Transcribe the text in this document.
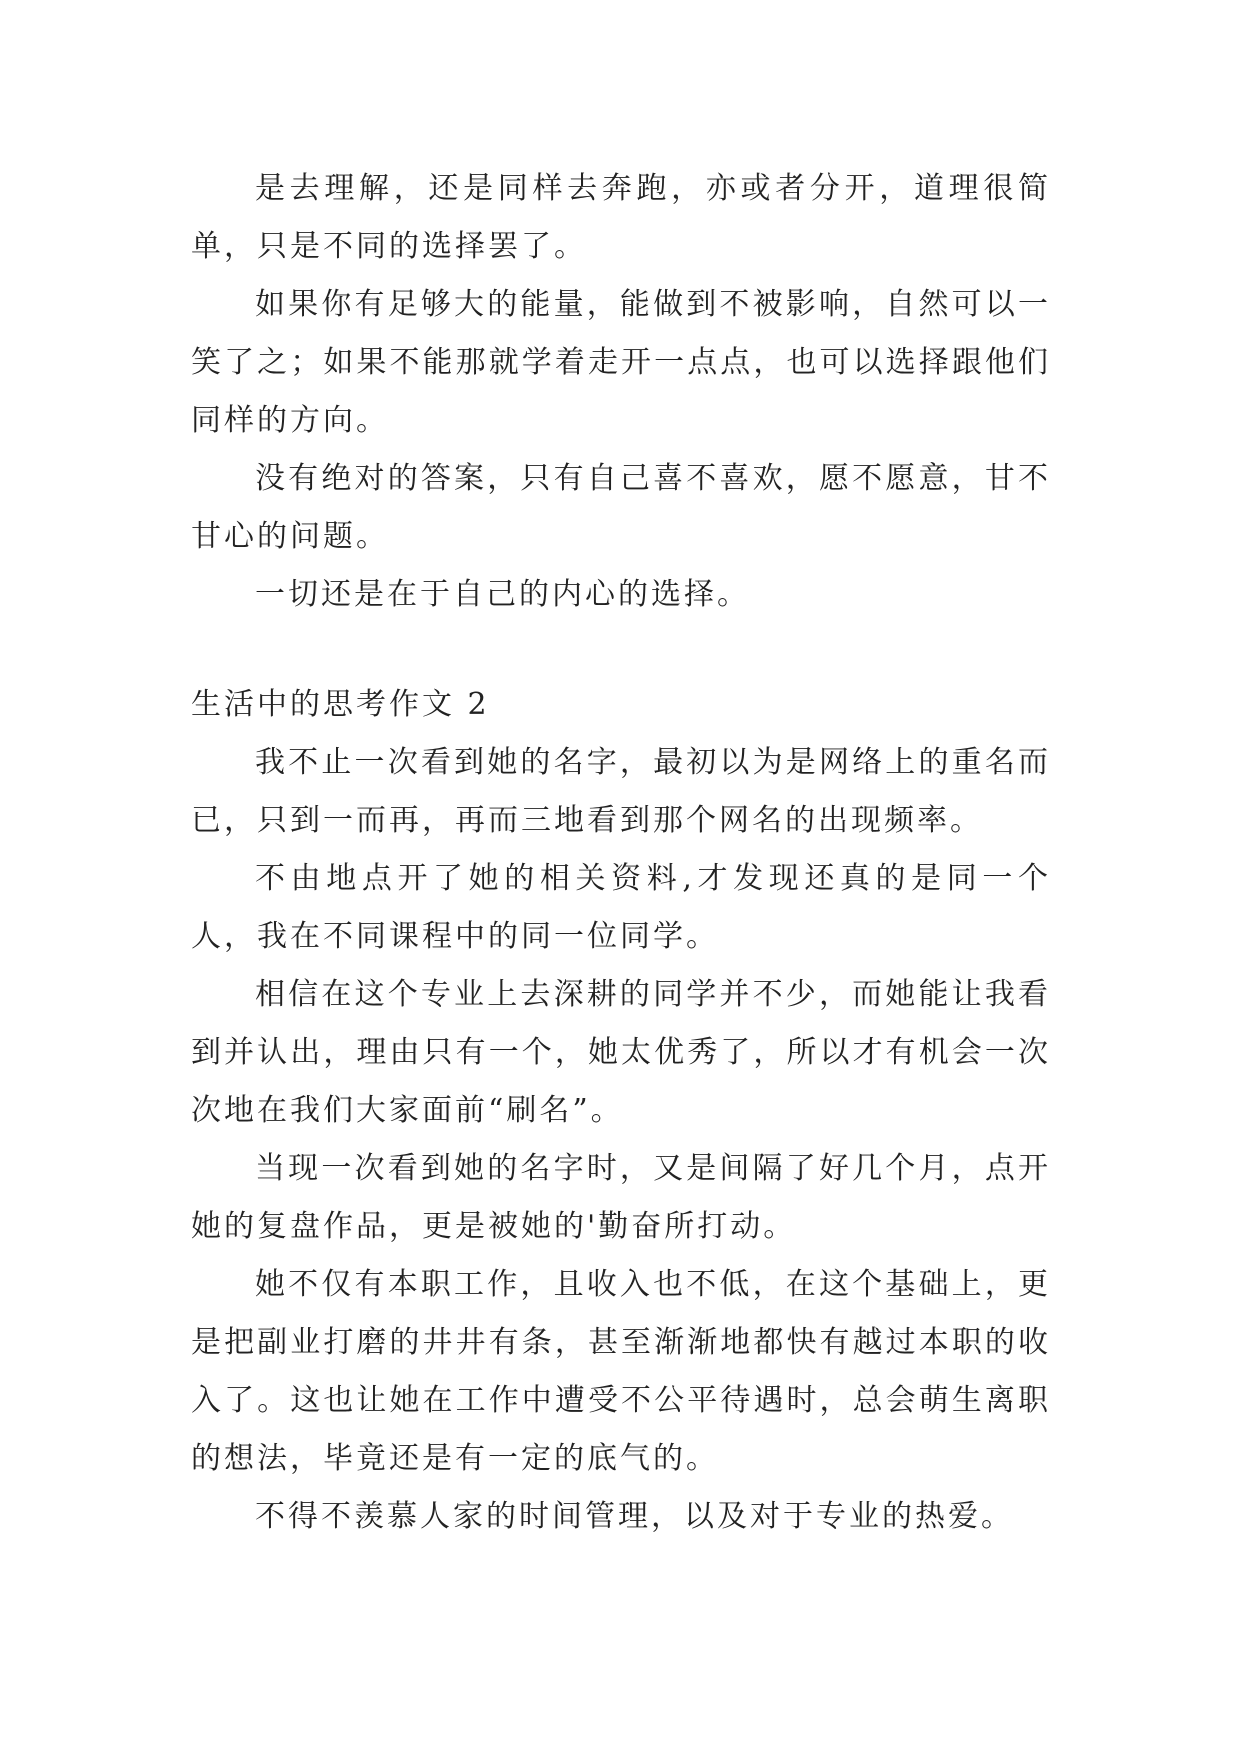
是去理解，还是同样去奔跑，亦或者分开，道理很简单，只是不同的选择罢了。

如果你有足够大的能量，能做到不被影响，自然可以一笑了之；如果不能那就学着走开一点点，也可以选择跟他们同样的方向。

没有绝对的答案，只有自己喜不喜欢，愿不愿意，甘不甘心的问题。

一切还是在于自己的内心的选择。

生活中的思考作文 2

我不止一次看到她的名字，最初以为是网络上的重名而已，只到一而再，再而三地看到那个网名的出现频率。

不由地点开了她的相关资料,才发现还真的是同一个人，我在不同课程中的同一位同学。

相信在这个专业上去深耕的同学并不少，而她能让我看到并认出，理由只有一个，她太优秀了，所以才有机会一次次地在我们大家面前“刷名”。

当现一次看到她的名字时，又是间隔了好几个月，点开她的复盘作品，更是被她的'勤奋所打动。

她不仅有本职工作，且收入也不低，在这个基础上，更是把副业打磨的井井有条，甚至渐渐地都快有越过本职的收入了。这也让她在工作中遭受不公平待遇时，总会萌生离职的想法，毕竟还是有一定的底气的。

不得不羡慕人家的时间管理，以及对于专业的热爱。
